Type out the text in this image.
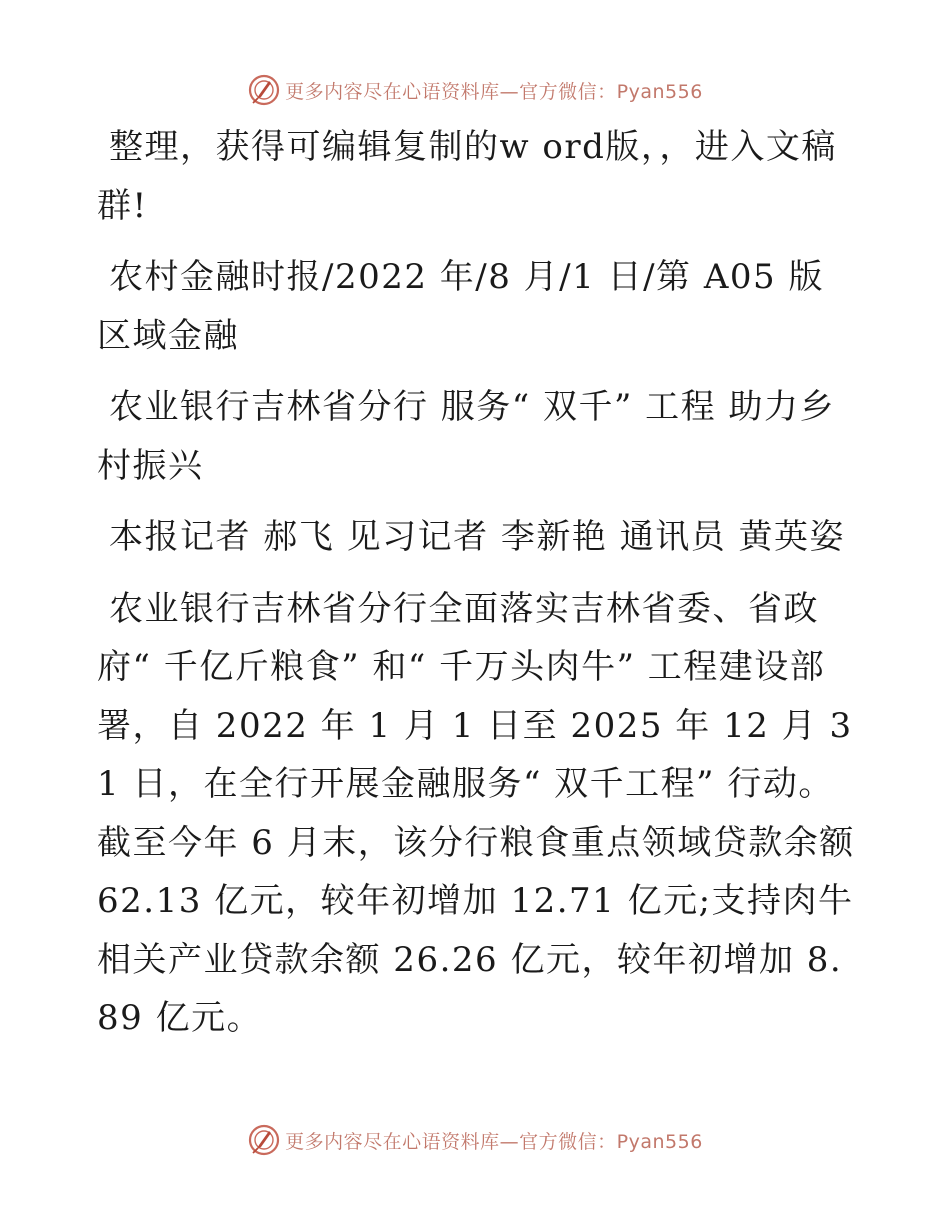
更多内容尽在心语资料库—官方微信：Pyan556

整理，获得可编辑复制的w ord版，，进入文稿群!

农村金融时报/2022 年/8 月/1 日/第 A05 版区域金融

农业银行吉林省分行 服务“ 双千” 工程 助力乡村振兴

本报记者 郝飞 见习记者 李新艳 通讯员 黄英姿

农业银行吉林省分行全面落实吉林省委、省政府“ 千亿斤粮食” 和“ 千万头肉牛” 工程建设部署，自 2022 年 1 月 1 日至 2025 年 12 月 31 日，在全行开展金融服务“ 双千工程” 行动。截至今年 6 月末，该分行粮食重点领域贷款余额 62.13 亿元，较年初增加 12.71 亿元;支持肉牛相关产业贷款余额 26.26 亿元，较年初增加 8.89 亿元。

更多内容尽在心语资料库—官方微信：Pyan556
